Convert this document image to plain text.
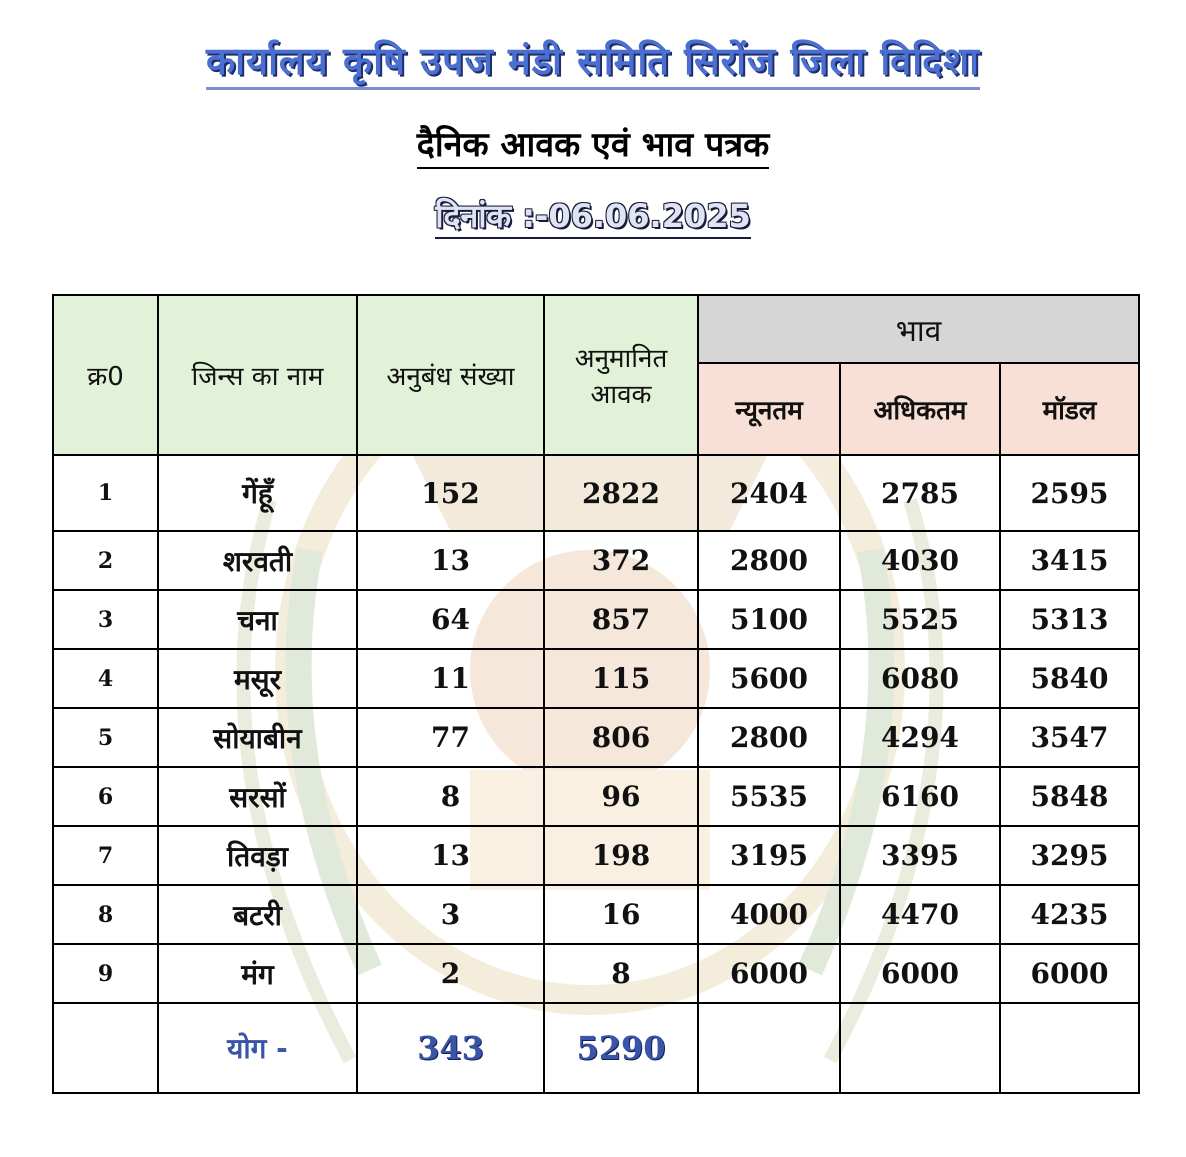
कार्यालय कृषि उपज मंडी समिति सिरोंज जिला विदिशा
दैनिक आवक एवं भाव पत्रक
दिनांक :-06.06.2025
क्र0	जिन्स का नाम	अनुबंध संख्या	अनुमानित आवक	भाव		
				न्यूनतम	अधिकतम	मॉडल
1	गेंहूँ	152	2822	2404	2785	2595
2	शरवती	13	372	2800	4030	3415
3	चना	64	857	5100	5525	5313
4	मसूर	11	115	5600	6080	5840
5	सोयाबीन	77	806	2800	4294	3547
6	सरसों	8	96	5535	6160	5848
7	तिवड़ा	13	198	3195	3395	3295
8	बटरी	3	16	4000	4470	4235
9	मंग	2	8	6000	6000	6000
	योग -	343	5290			
